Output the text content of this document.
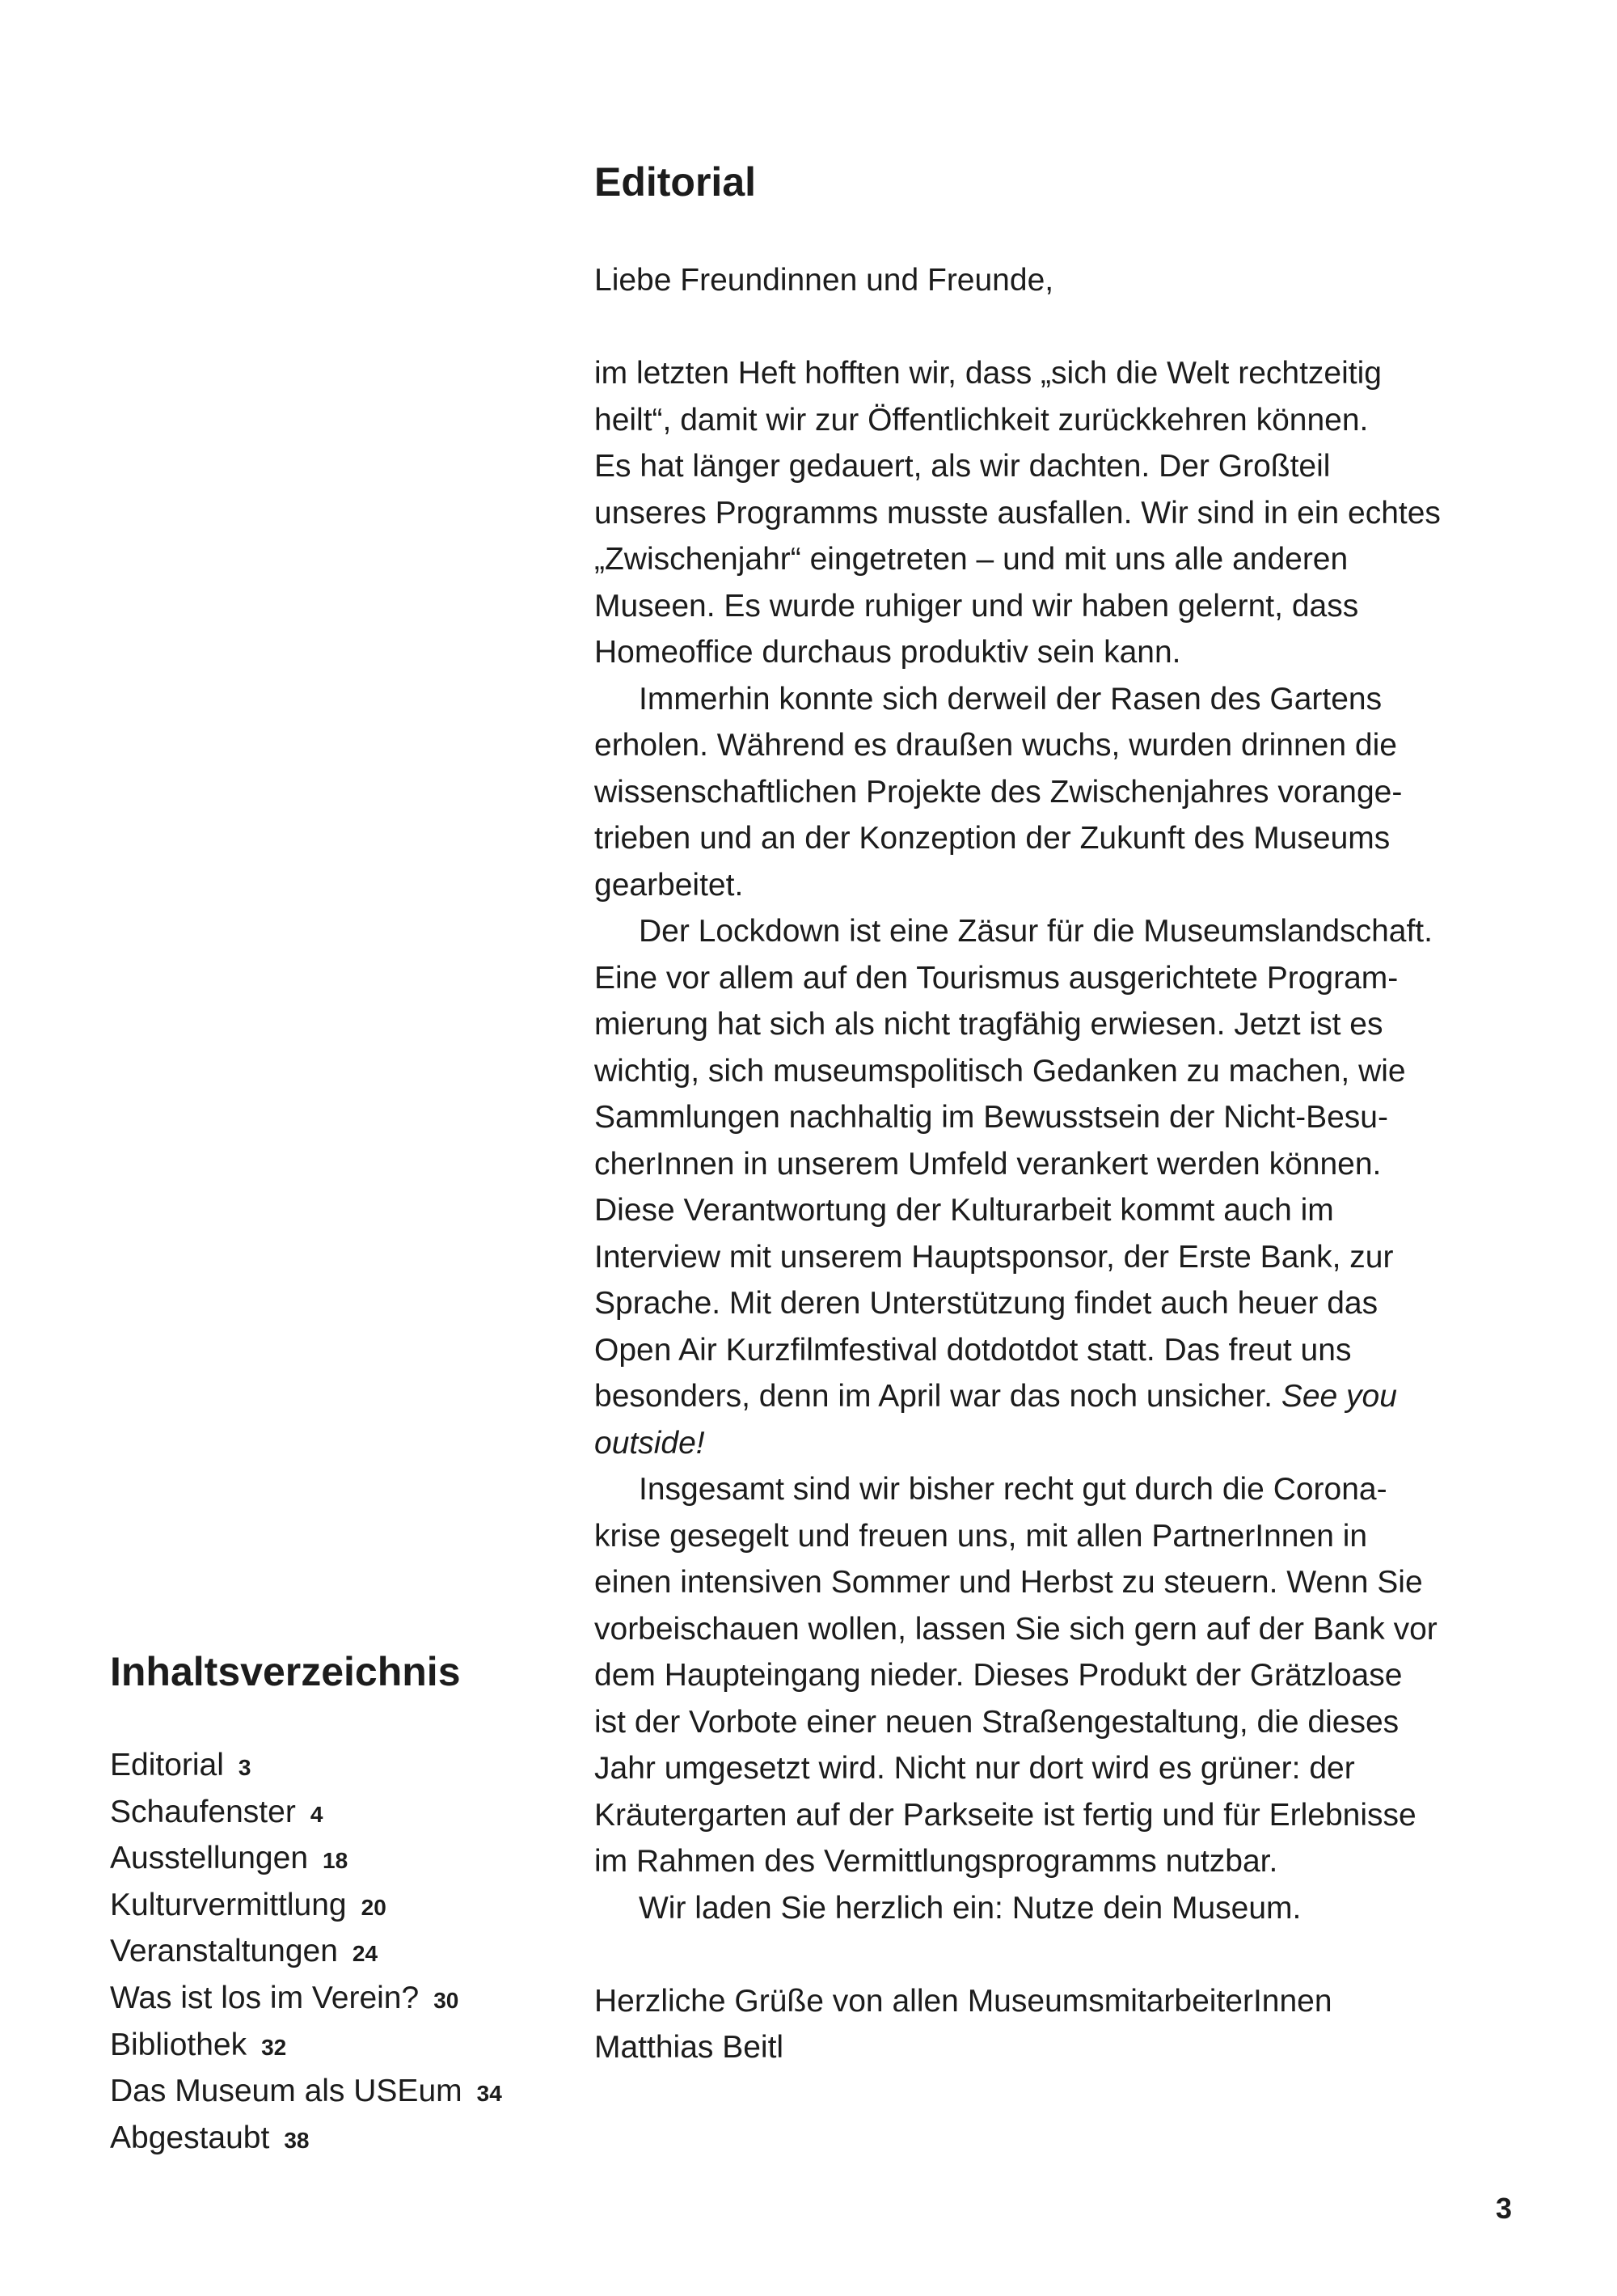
Editorial
Liebe Freundinnen und Freunde,
im letzten Heft hofften wir, dass „sich die Welt rechtzeitig
heilt“, damit wir zur Öffentlichkeit zurückkehren können.
Es hat länger gedauert, als wir dachten. Der Großteil
unseres Programms musste ausfallen. Wir sind in ein echtes
„Zwischenjahr“ eingetreten – und mit uns alle anderen
Museen. Es wurde ruhiger und wir haben gelernt, dass
Homeoffice durchaus produktiv sein kann.
Immerhin konnte sich derweil der Rasen des Gartens
erholen. Während es draußen wuchs, wurden drinnen die
wissenschaftlichen Projekte des Zwischenjahres vorange-
trieben und an der Konzeption der Zukunft des Museums
gearbeitet.
Der Lockdown ist eine Zäsur für die Museumslandschaft.
Eine vor allem auf den Tourismus ausgerichtete Program-
mierung hat sich als nicht tragfähig erwiesen. Jetzt ist es
wichtig, sich museumspolitisch Gedanken zu machen, wie
Sammlungen nachhaltig im Bewusstsein der Nicht-Besu-
cherInnen in unserem Umfeld verankert werden können.
Diese Verantwortung der Kulturarbeit kommt auch im
Interview mit unserem Hauptsponsor, der Erste Bank, zur
Sprache. Mit deren Unterstützung findet auch heuer das
Open Air Kurzfilmfestival dotdotdot statt. Das freut uns
besonders, denn im April war das noch unsicher. See you
outside!
Insgesamt sind wir bisher recht gut durch die Corona-
krise gesegelt und freuen uns, mit allen PartnerInnen in
einen intensiven Sommer und Herbst zu steuern. Wenn Sie
vorbeischauen wollen, lassen Sie sich gern auf der Bank vor
dem Haupteingang nieder. Dieses Produkt der Grätzloase
ist der Vorbote einer neuen Straßengestaltung, die dieses
Jahr umgesetzt wird. Nicht nur dort wird es grüner: der
Kräutergarten auf der Parkseite ist fertig und für Erlebnisse
im Rahmen des Vermittlungsprogramms nutzbar.
Wir laden Sie herzlich ein: Nutze dein Museum.
Herzliche Grüße von allen MuseumsmitarbeiterInnen
Matthias Beitl
Inhaltsverzeichnis
Editorial 3
Schaufenster 4
Ausstellungen 18
Kulturvermittlung 20
Veranstaltungen 24
Was ist los im Verein? 30
Bibliothek 32
Das Museum als USEum 34
Abgestaubt 38
3
